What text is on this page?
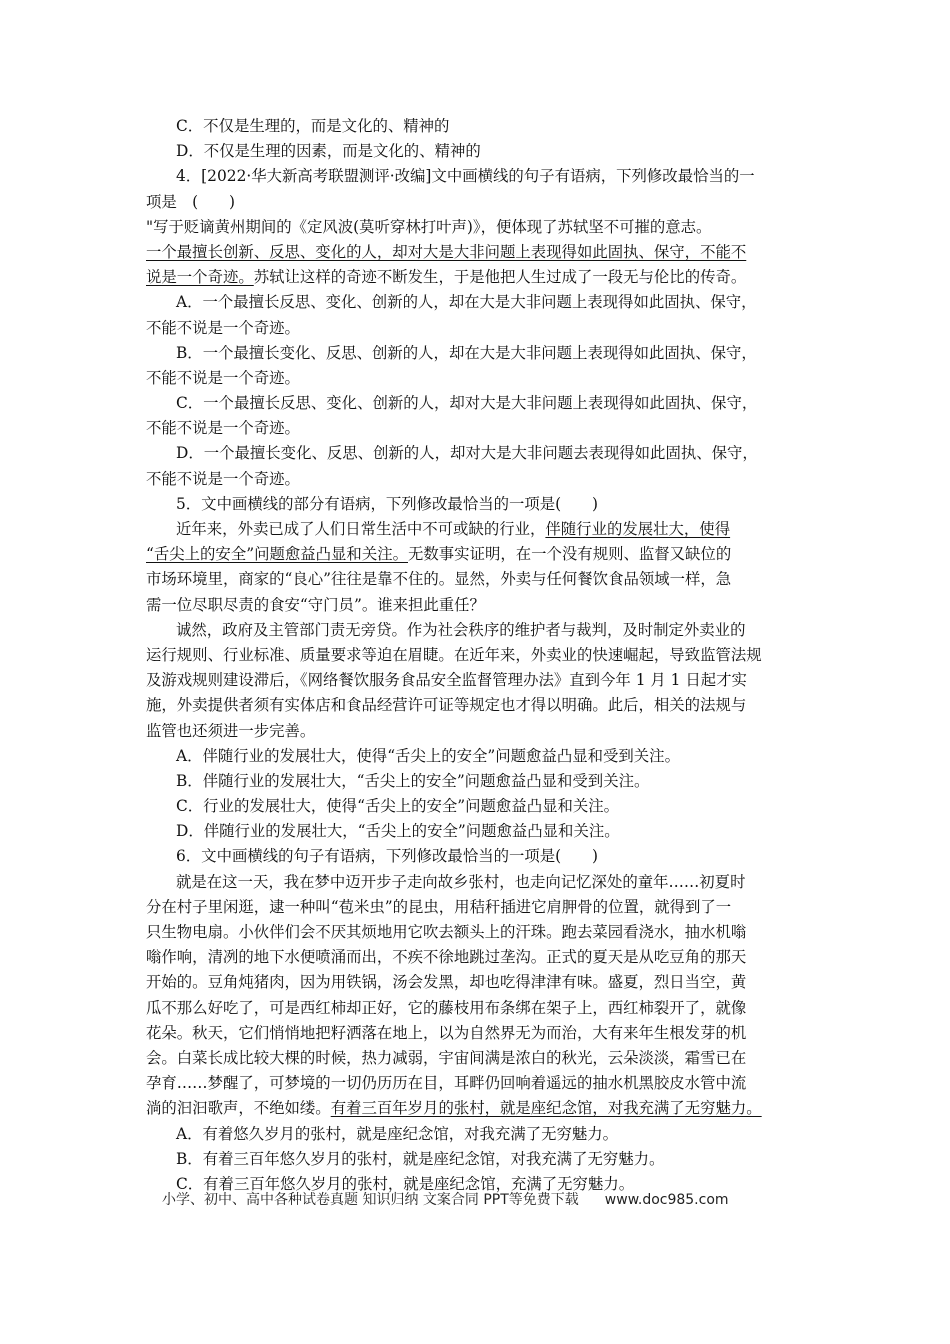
C．不仅是生理的，而是文化的、精神的
D．不仅是生理的因素，而是文化的、精神的
4．[2022·华大新高考联盟测评·改编]文中画横线的句子有语病，下列修改最恰当的一
项是　(　　)
"写于贬谪黄州期间的《定风波(莫听穿林打叶声)》，便体现了苏轼坚不可摧的意志。
一个最擅长创新、反思、变化的人，却对大是大非问题上表现得如此固执、保守，不能不
说是一个奇迹。苏轼让这样的奇迹不断发生，于是他把人生过成了一段无与伦比的传奇。
A．一个最擅长反思、变化、创新的人，却在大是大非问题上表现得如此固执、保守，
不能不说是一个奇迹。
B．一个最擅长变化、反思、创新的人，却在大是大非问题上表现得如此固执、保守，
不能不说是一个奇迹。
C．一个最擅长反思、变化、创新的人，却对大是大非问题上表现得如此固执、保守，
不能不说是一个奇迹。
D．一个最擅长变化、反思、创新的人，却对大是大非问题去表现得如此固执、保守，
不能不说是一个奇迹。
5．文中画横线的部分有语病，下列修改最恰当的一项是(　　)
近年来，外卖已成了人们日常生活中不可或缺的行业，伴随行业的发展壮大，使得
“舌尖上的安全”问题愈益凸显和关注。无数事实证明，在一个没有规则、监督又缺位的
市场环境里，商家的“良心”往往是靠不住的。显然，外卖与任何餐饮食品领域一样，急
需一位尽职尽责的食安“守门员”。谁来担此重任？
诚然，政府及主管部门责无旁贷。作为社会秩序的维护者与裁判，及时制定外卖业的
运行规则、行业标准、质量要求等迫在眉睫。在近年来，外卖业的快速崛起，导致监管法规
及游戏规则建设滞后，《网络餐饮服务食品安全监督管理办法》直到今年 1 月 1 日起才实
施，外卖提供者须有实体店和食品经营许可证等规定也才得以明确。此后，相关的法规与
监管也还须进一步完善。
A．伴随行业的发展壮大，使得“舌尖上的安全”问题愈益凸显和受到关注。
B．伴随行业的发展壮大，“舌尖上的安全”问题愈益凸显和受到关注。
C．行业的发展壮大，使得“舌尖上的安全”问题愈益凸显和关注。
D．伴随行业的发展壮大，“舌尖上的安全”问题愈益凸显和关注。
6．文中画横线的句子有语病，下列修改最恰当的一项是(　　)
就是在这一天，我在梦中迈开步子走向故乡张村，也走向记忆深处的童年……初夏时
分在村子里闲逛，逮一种叫“苞米虫”的昆虫，用秸秆插进它肩胛骨的位置，就得到了一
只生物电扇。小伙伴们会不厌其烦地用它吹去额头上的汗珠。跑去菜园看浇水，抽水机嗡
嗡作响，清冽的地下水便喷涌而出，不疾不徐地跳过垄沟。正式的夏天是从吃豆角的那天
开始的。豆角炖猪肉，因为用铁锅，汤会发黑，却也吃得津津有味。盛夏，烈日当空，黄
瓜不那么好吃了，可是西红柿却正好，它的藤枝用布条绑在架子上，西红柿裂开了，就像
花朵。秋天，它们悄悄地把籽洒落在地上，以为自然界无为而治，大有来年生根发芽的机
会。白菜长成比较大棵的时候，热力减弱，宇宙间满是浓白的秋光，云朵淡淡，霜雪已在
孕育……梦醒了，可梦境的一切仍历历在目，耳畔仍回响着遥远的抽水机黑胶皮水管中流
淌的汩汩歌声，不绝如缕。有着三百年岁月的张村，就是座纪念馆，对我充满了无穷魅力。
A．有着悠久岁月的张村，就是座纪念馆，对我充满了无穷魅力。
B．有着三百年悠久岁月的张村，就是座纪念馆，对我充满了无穷魅力。
C．有着三百年悠久岁月的张村，就是座纪念馆，充满了无穷魅力。
小学、初中、高中各种试卷真题 知识归纳 文案合同 PPT等免费下载 www.doc985.com
